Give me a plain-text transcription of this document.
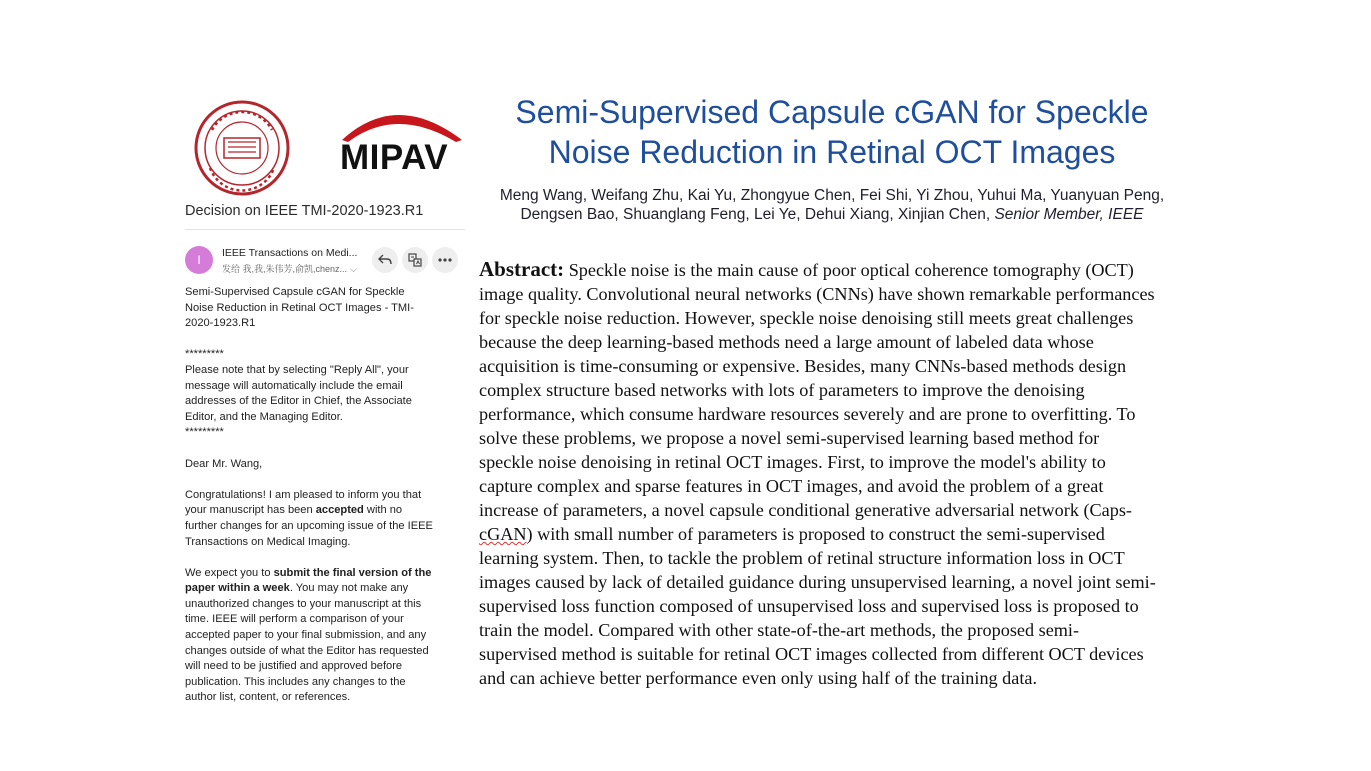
MIPAV
Decision on IEEE TMI-2020-1923.R1
I	IEEE Transactions on Medi...
发给 我,我,朱伟芳,俞凯,chenz... ⌵

Semi-Supervised Capsule cGAN for Speckle

Noise Reduction in Retinal OCT Images - TMI-

2020-1923.R1

*********

Please note that by selecting "Reply All", your

message will automatically include the email

addresses of the Editor in Chief, the Associate

Editor, and the Managing Editor.

*********

Dear Mr. Wang,

Congratulations! I am pleased to inform you that

your manuscript has been accepted with no

further changes for an upcoming issue of the IEEE

Transactions on Medical Imaging.

We expect you to submit the final version of the

paper within a week. You may not make any

unauthorized changes to your manuscript at this

time. IEEE will perform a comparison of your

accepted paper to your final submission, and any

changes outside of what the Editor has requested

will need to be justified and approved before

publication. This includes any changes to the

author list, content, or references.

Semi-Supervised Capsule cGAN for Speckle
Noise Reduction in Retinal OCT Images
Meng Wang, Weifang Zhu, Kai Yu, Zhongyue Chen, Fei Shi, Yi Zhou, Yuhui Ma, Yuanyuan Peng,
Dengsen Bao, Shuanglang Feng, Lei Ye, Dehui Xiang, Xinjian Chen, Senior Member, IEEE
Abstract: Speckle noise is the main cause of poor optical coherence tomography (OCT)
image quality. Convolutional neural networks (CNNs) have shown remarkable performances
for speckle noise reduction. However, speckle noise denoising still meets great challenges
because the deep learning-based methods need a large amount of labeled data whose
acquisition is time-consuming or expensive. Besides, many CNNs-based methods design
complex structure based networks with lots of parameters to improve the denoising
performance, which consume hardware resources severely and are prone to overfitting. To
solve these problems, we propose a novel semi-supervised learning based method for
speckle noise denoising in retinal OCT images. First, to improve the model's ability to
capture complex and sparse features in OCT images, and avoid the problem of a great
increase of parameters, a novel capsule conditional generative adversarial network (Caps-
cGAN) with small number of parameters is proposed to construct the semi-supervised
learning system. Then, to tackle the problem of retinal structure information loss in OCT
images caused by lack of detailed guidance during unsupervised learning, a novel joint semi-
supervised loss function composed of unsupervised loss and supervised loss is proposed to
train the model. Compared with other state-of-the-art methods, the proposed semi-
supervised method is suitable for retinal OCT images collected from different OCT devices
and can achieve better performance even only using half of the training data.
